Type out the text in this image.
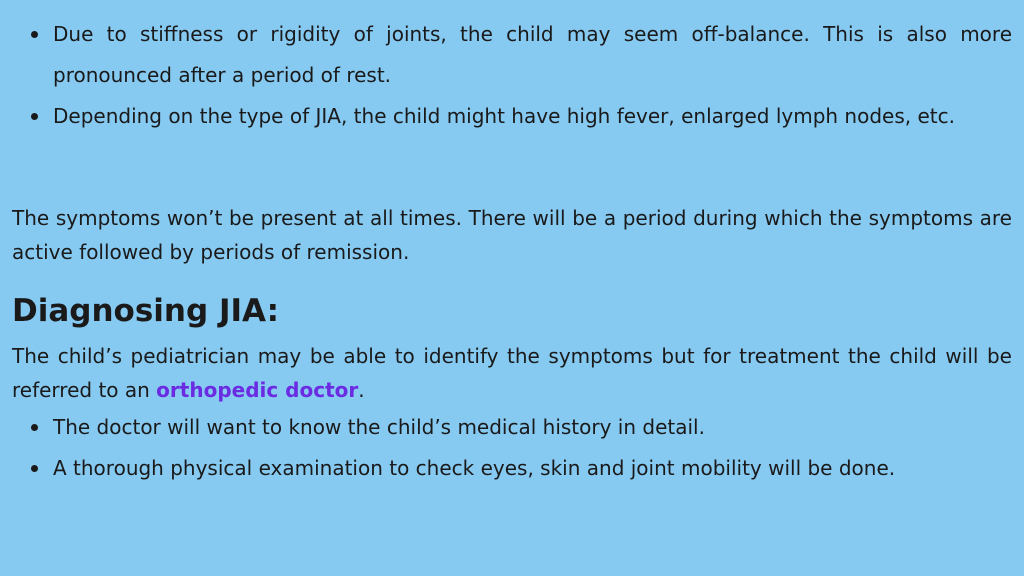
Due to stiffness or rigidity of joints, the child may seem off-balance. This is also more pronounced after a period of rest.
Depending on the type of JIA, the child might have high fever, enlarged lymph nodes, etc.

The symptoms won’t be present at all times. There will be a period during which the symptoms are active followed by periods of remission.

Diagnosing JIA:

The child’s pediatrician may be able to identify the symptoms but for treatment the child will be referred to an orthopedic doctor.

The doctor will want to know the child’s medical history in detail.
A thorough physical examination to check eyes, skin and joint mobility will be done.
